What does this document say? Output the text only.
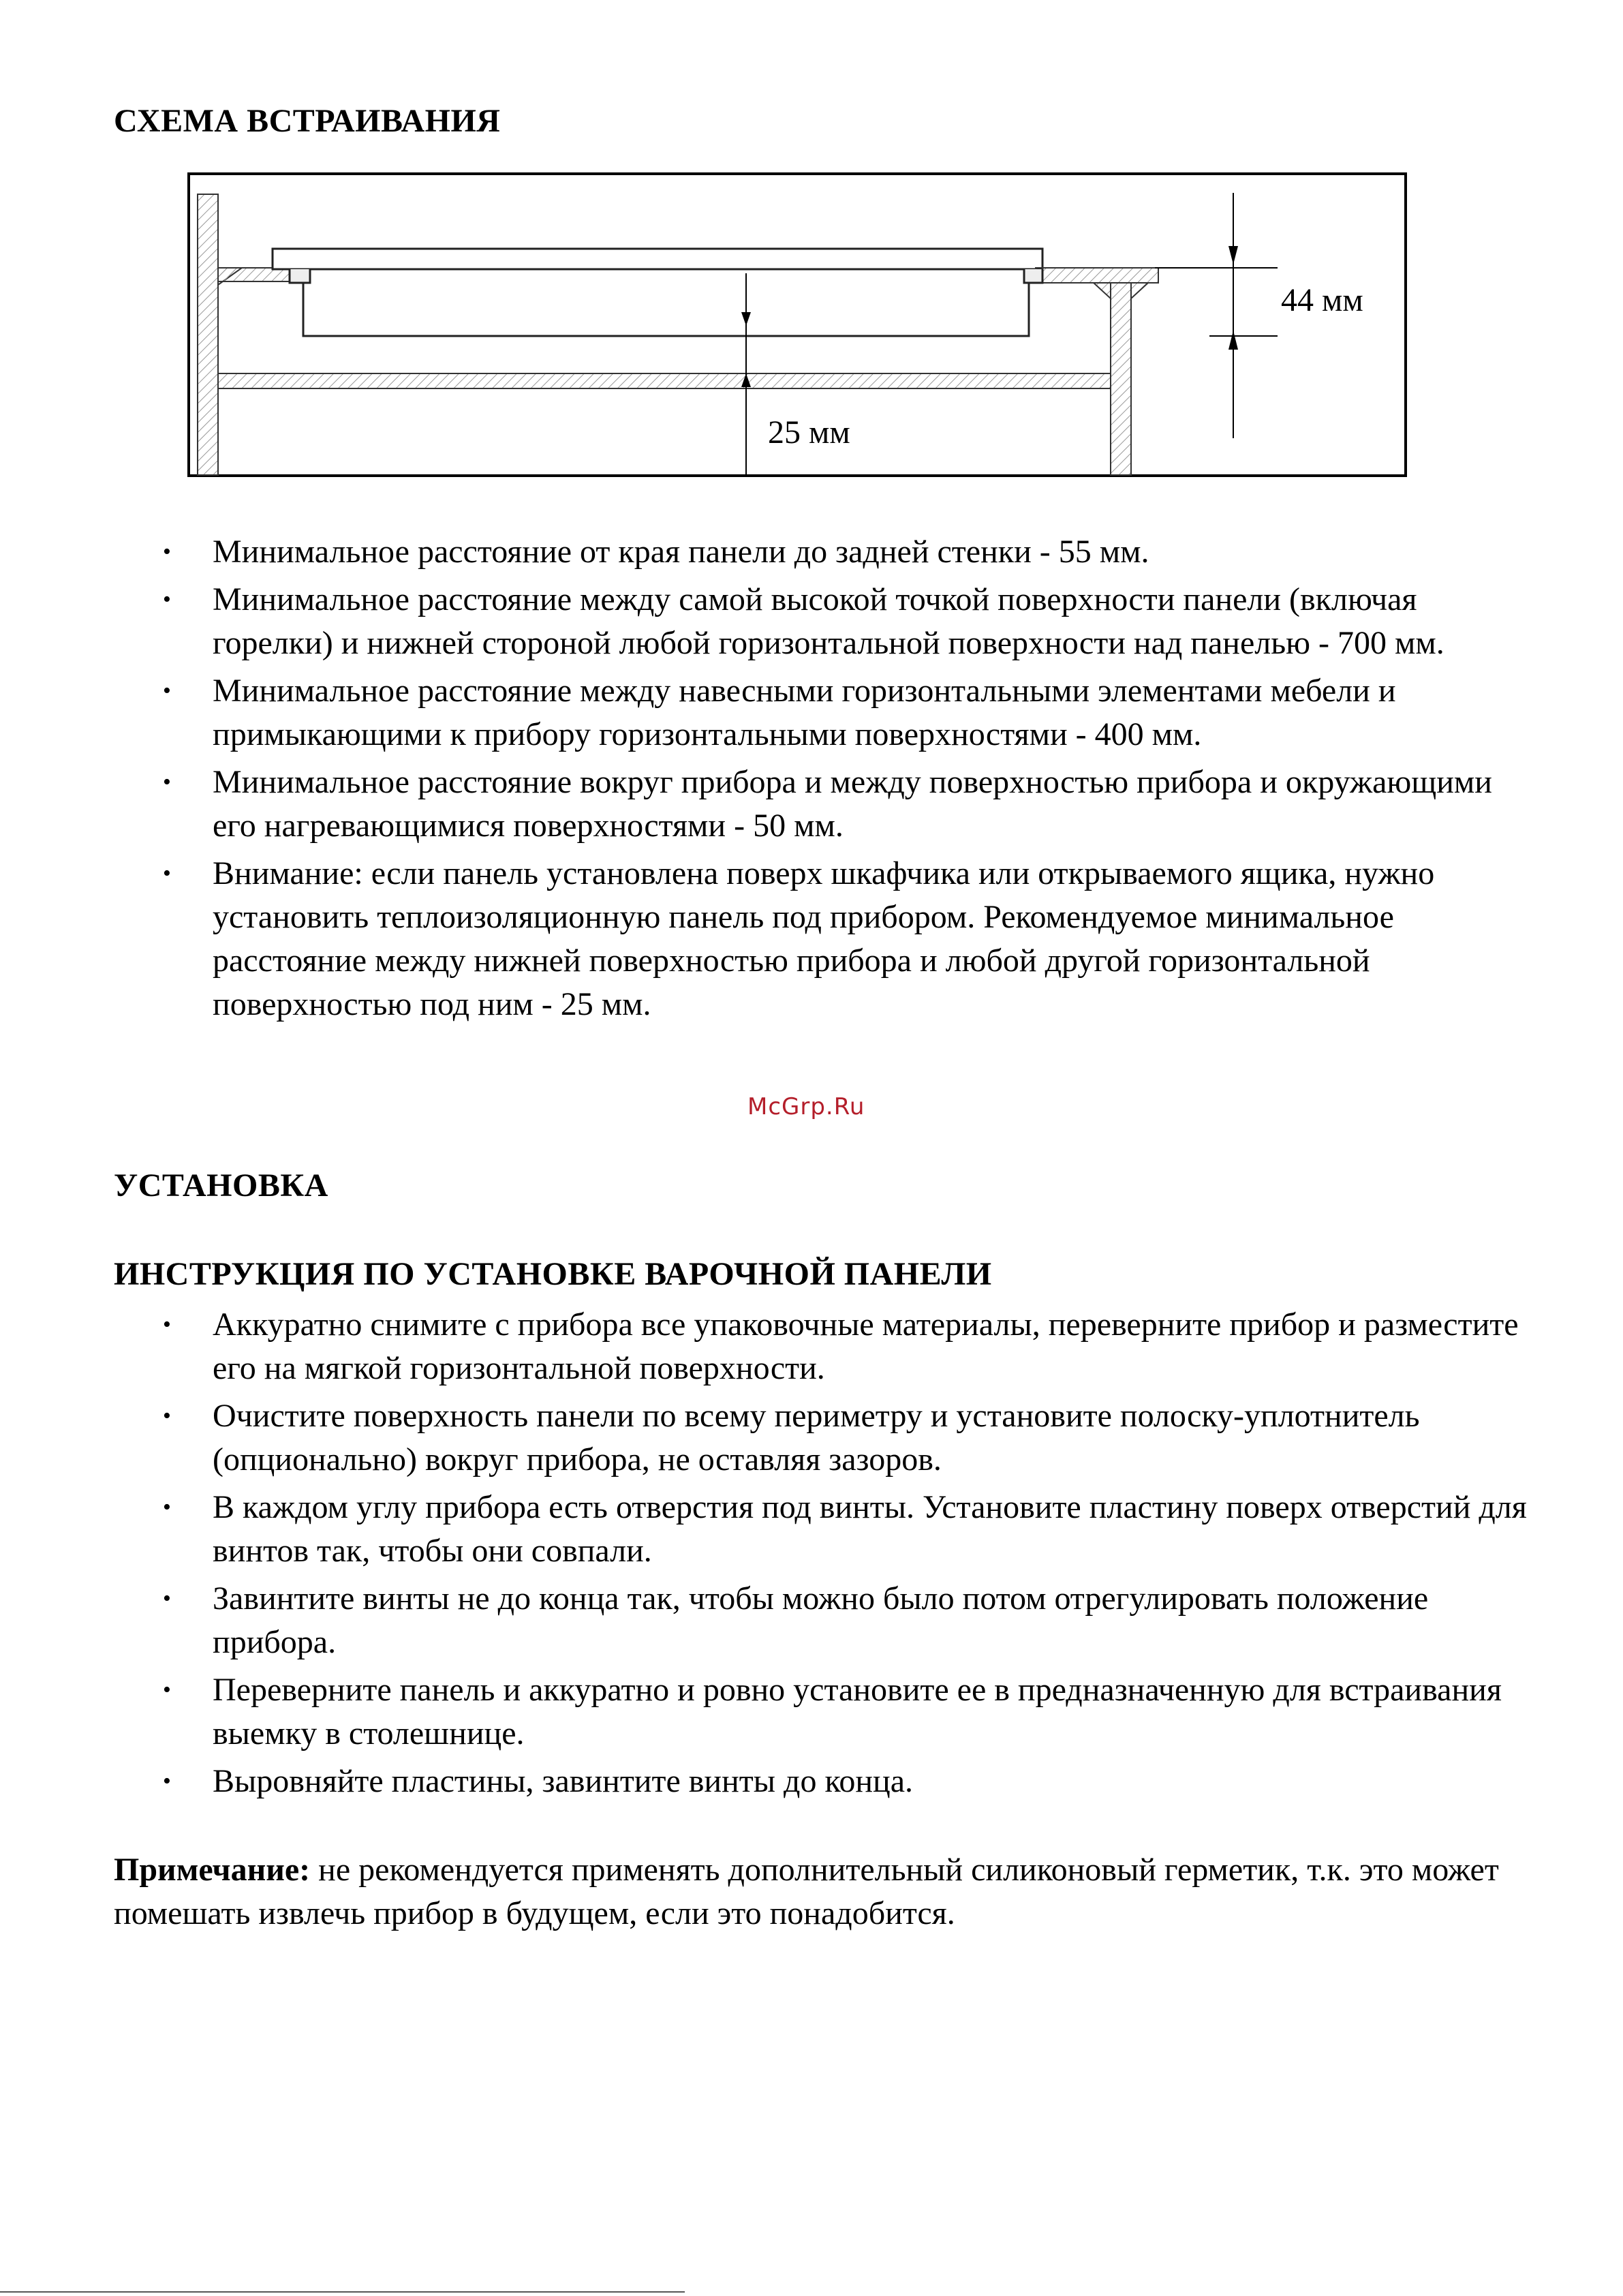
СХЕМА ВСТРАИВАНИЯ
44 мм
25 мм
• Минимальное расстояние от края панели до задней стенки - 55 мм.
• Минимальное расстояние между самой высокой точкой поверхности панели (включая горелки) и нижней стороной любой горизонтальной поверхности над панелью - 700 мм.
• Минимальное расстояние между навесными горизонтальными элементами мебели и примыкающими к прибору горизонтальными поверхностями - 400 мм.
• Минимальное расстояние вокруг прибора и между поверхностью прибора и окружающими его нагревающимися поверхностями - 50 мм.
• Внимание: если панель установлена поверх шкафчика или открываемого ящика, нужно установить теплоизоляционную панель под прибором. Рекомендуемое минимальное расстояние между нижней поверхностью прибора и любой другой горизонтальной поверхностью под ним - 25 мм.
McGrp.Ru
УСТАНОВКА
ИНСТРУКЦИЯ ПО УСТАНОВКЕ ВАРОЧНОЙ ПАНЕЛИ
• Аккуратно снимите с прибора все упаковочные материалы, переверните прибор и разместите его на мягкой горизонтальной поверхности.
• Очистите поверхность панели по всему периметру и установите полоску-уплотнитель (опционально) вокруг прибора, не оставляя зазоров.
• В каждом углу прибора есть отверстия под винты. Установите пластину поверх отверстий для винтов так, чтобы они совпали.
• Завинтите винты не до конца так, чтобы можно было потом отрегулировать положение прибора.
• Переверните панель и аккуратно и ровно установите ее в предназначенную для встраивания выемку в столешнице.
• Выровняйте пластины, завинтите винты до конца.

Примечание: не рекомендуется применять дополнительный силиконовый герметик, т.к. это может помешать извлечь прибор в будущем, если это понадобится.
